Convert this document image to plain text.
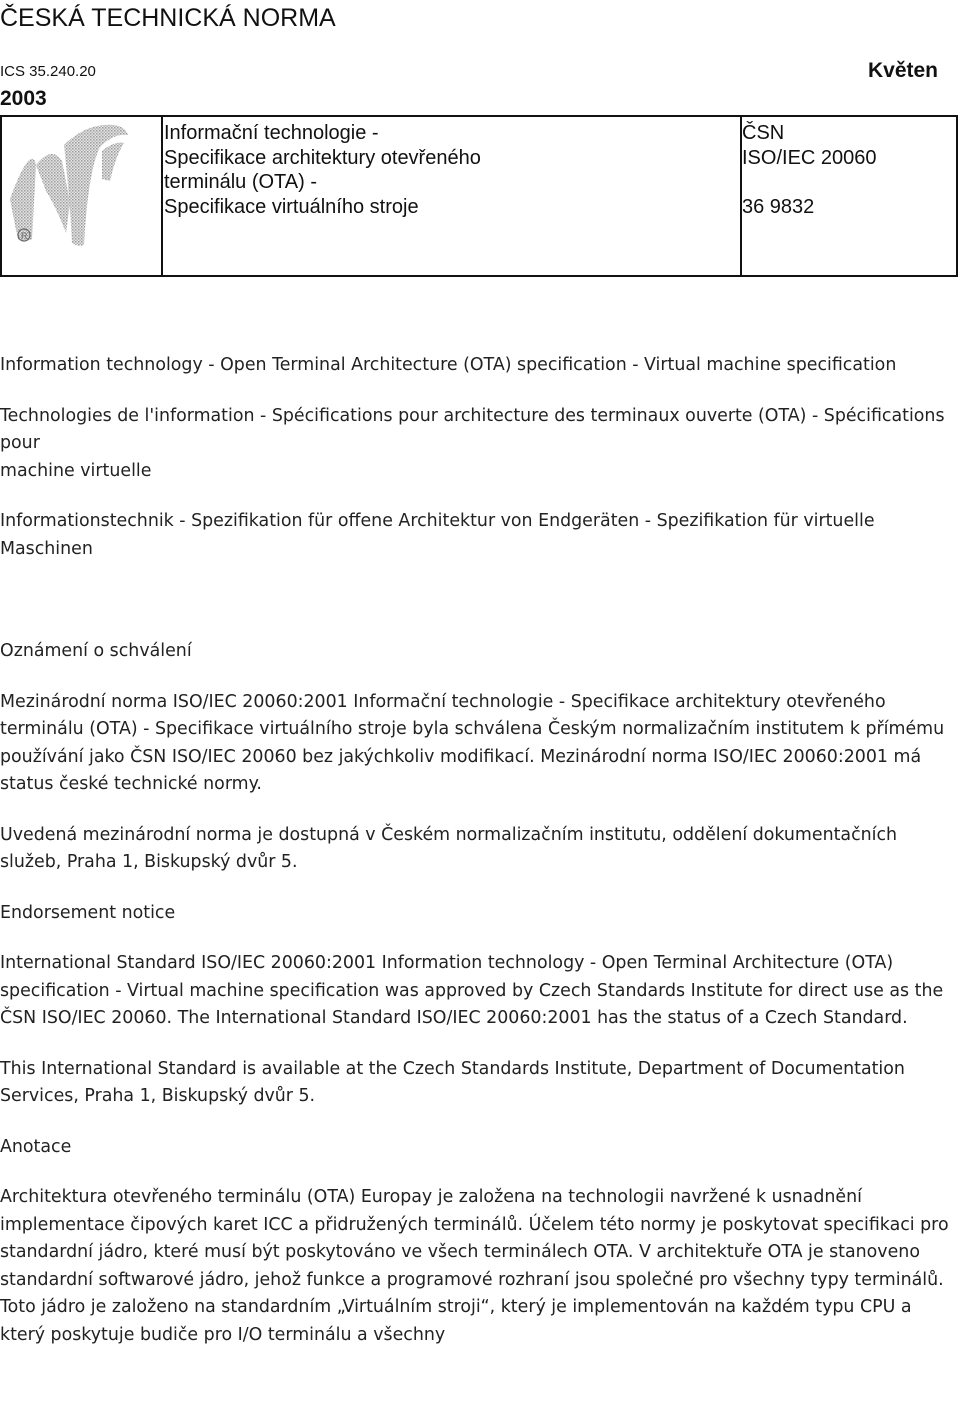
ČESKÁ TECHNICKÁ NORMA
ICS 35.240.20	Květen
2003
R
Informační technologie -
Specifikace architektury otevřeného
terminálu (OTA) -
Specifikace virtuálního stroje
ČSN
ISO/IEC 20060

36 9832

Information technology - Open Terminal Architecture (OTA) specification - Virtual machine specification

Technologies de l'information - Spécifications pour architecture des terminaux ouverte (OTA) - Spécifications pour

machine virtuelle

Informationstechnik - Spezifikation für offene Architektur von Endgeräten - Spezifikation für virtuelle Maschinen

Oznámení o schválení

Mezinárodní norma ISO/IEC 20060:2001 Informační technologie - Specifikace architektury otevřeného terminálu (OTA) - Specifikace virtuálního stroje byla schválena Českým normalizačním institutem k přímému používání jako ČSN ISO/IEC 20060 bez jakýchkoliv modifikací. Mezinárodní norma ISO/IEC 20060:2001 má status české technické normy.

Uvedená mezinárodní norma je dostupná v Českém normalizačním institutu, oddělení dokumentačních služeb, Praha 1, Biskupský dvůr 5.

Endorsement notice

International Standard ISO/IEC 20060:2001 Information technology - Open Terminal Architecture (OTA) specification - Virtual machine specification was approved by Czech Standards Institute for direct use as the ČSN ISO/IEC 20060. The International Standard ISO/IEC 20060:2001 has the status of a Czech Standard.

This International Standard is available at the Czech Standards Institute, Department of Documentation Services, Praha 1, Biskupský dvůr 5.

Anotace

Architektura otevřeného terminálu (OTA) Europay je založena na technologii navržené k usnadnění implementace čipových karet ICC a přidružených terminálů. Účelem této normy je poskytovat specifikaci pro standardní jádro, které musí být poskytováno ve všech terminálech OTA. V architektuře OTA je stanoveno standardní softwarové jádro, jehož funkce a programové rozhraní jsou společné pro všechny typy terminálů. Toto jádro je založeno na standardním „Virtuálním stroji“, který je implementován na každém typu CPU a který poskytuje budiče pro I/O terminálu a všechny
